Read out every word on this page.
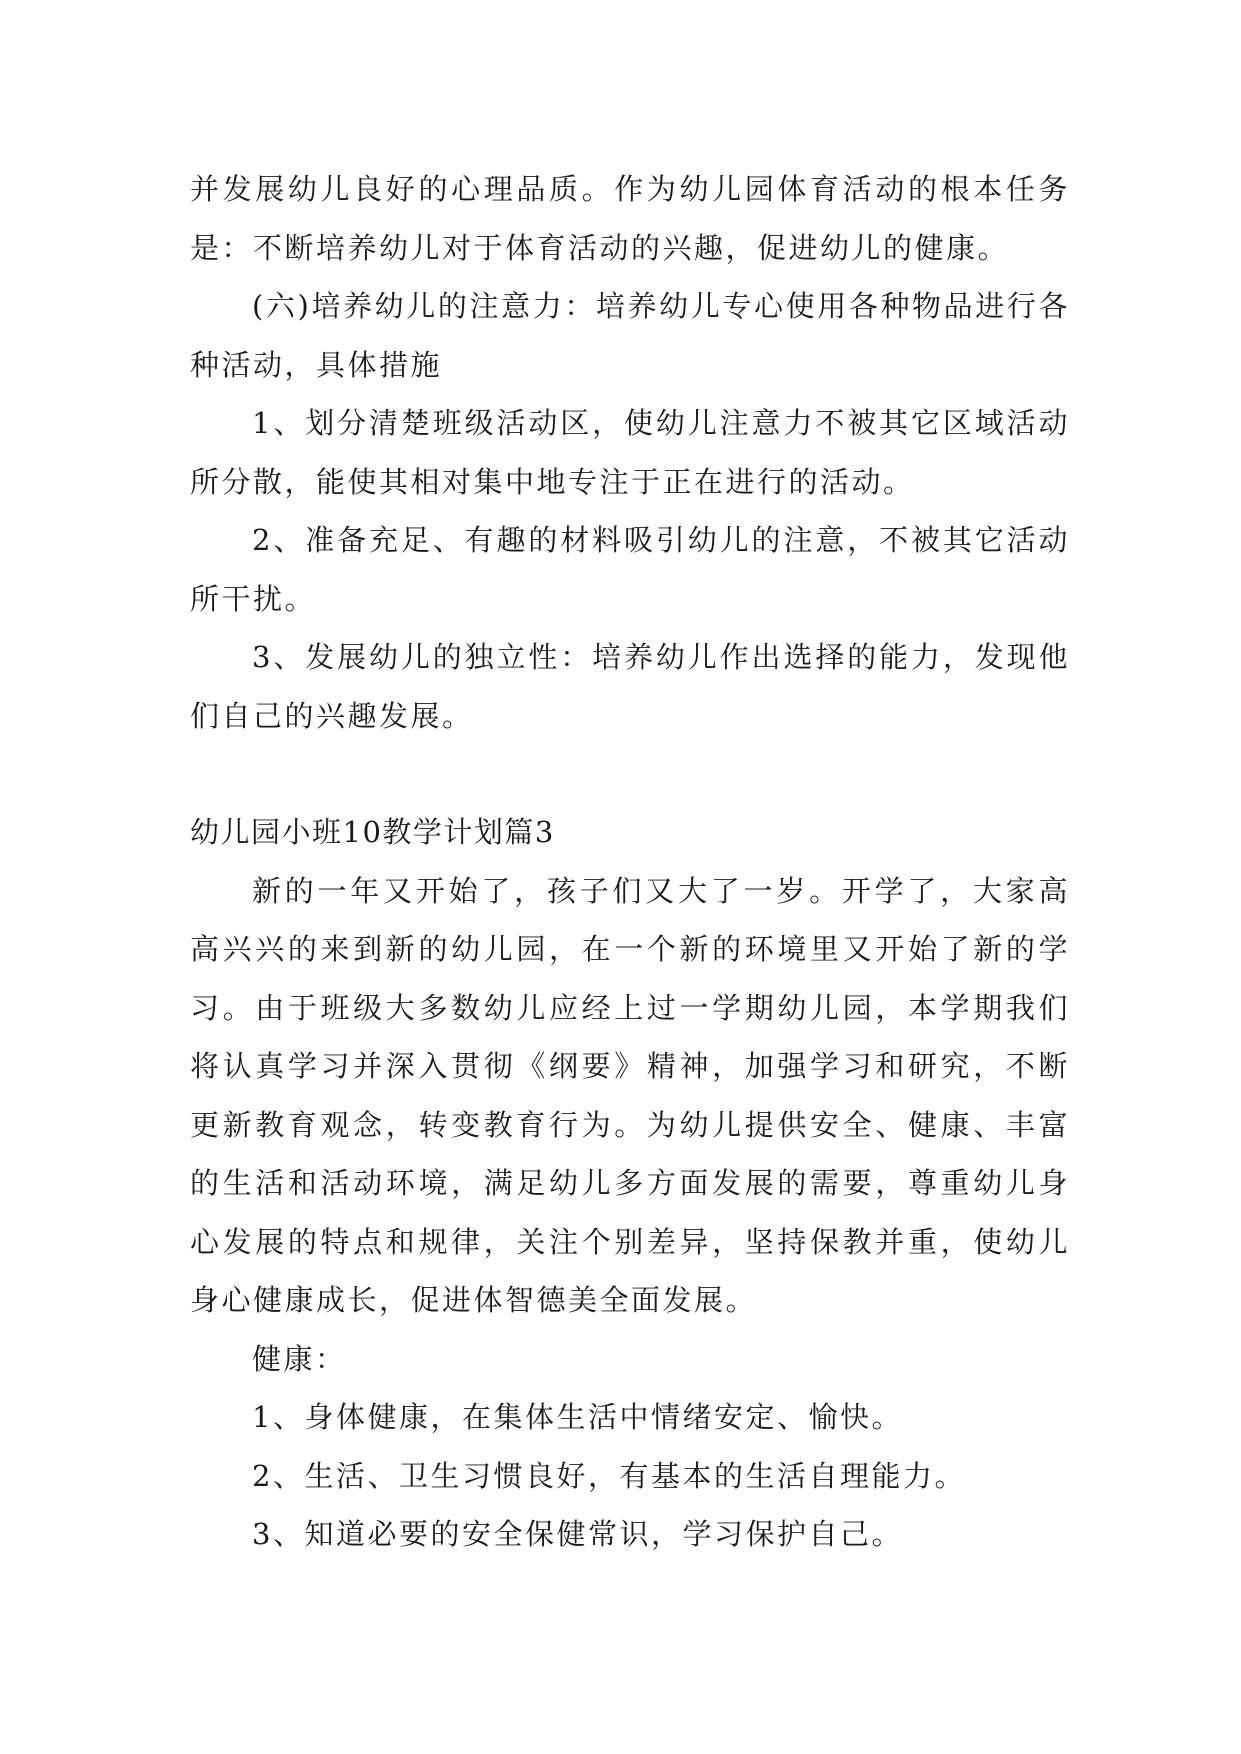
并发展幼儿良好的心理品质。作为幼儿园体育活动的根本任务是：不断培养幼儿对于体育活动的兴趣，促进幼儿的健康。

(六)培养幼儿的注意力：培养幼儿专心使用各种物品进行各种活动，具体措施

1、划分清楚班级活动区，使幼儿注意力不被其它区域活动所分散，能使其相对集中地专注于正在进行的活动。

2、准备充足、有趣的材料吸引幼儿的注意，不被其它活动所干扰。

3、发展幼儿的独立性：培养幼儿作出选择的能力，发现他们自己的兴趣发展。

幼儿园小班10教学计划篇3

新的一年又开始了，孩子们又大了一岁。开学了，大家高高兴兴的来到新的幼儿园，在一个新的环境里又开始了新的学习。由于班级大多数幼儿应经上过一学期幼儿园，本学期我们将认真学习并深入贯彻《纲要》精神，加强学习和研究，不断更新教育观念，转变教育行为。为幼儿提供安全、健康、丰富的生活和活动环境，满足幼儿多方面发展的需要，尊重幼儿身心发展的特点和规律，关注个别差异，坚持保教并重，使幼儿身心健康成长，促进体智德美全面发展。

健康：

1、身体健康，在集体生活中情绪安定、愉快。

2、生活、卫生习惯良好，有基本的生活自理能力。

3、知道必要的安全保健常识，学习保护自己。
